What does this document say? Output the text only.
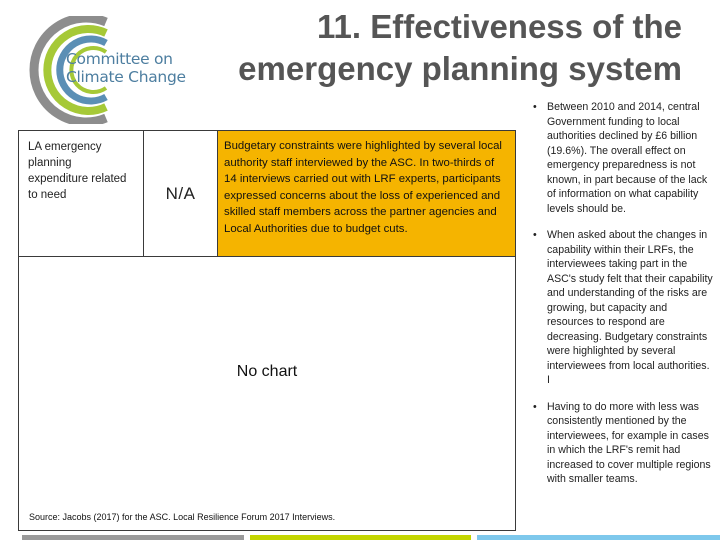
Committee on
Climate Change
11. Effectiveness of the
emergency planning system
LA emergency planning expenditure related to need	N/A
Budgetary constraints were highlighted by several local authority staff interviewed by the ASC. In two-thirds of 14 interviews carried out with LRF experts, participants expressed concerns about the loss of experienced and skilled staff members across the partner agencies and Local Authorities due to budget cuts.
No chart
Source: Jacobs (2017) for the ASC. Local Resilience Forum 2017 Interviews.
• Between 2010 and 2014, central Government funding to local authorities declined by £6 billion (19.6%). The overall effect on emergency preparedness is not known, in part because of the lack of information on what capability levels should be.
• When asked about the changes in capability within their LRFs, the interviewees taking part in the ASC's study felt that their capability and understanding of the risks are growing, but capacity and resources to respond are decreasing. Budgetary constraints were highlighted by several interviewees from local authorities. I
• Having to do more with less was consistently mentioned by the interviewees, for example in cases in which the LRF's remit had increased to cover multiple regions with smaller teams.
